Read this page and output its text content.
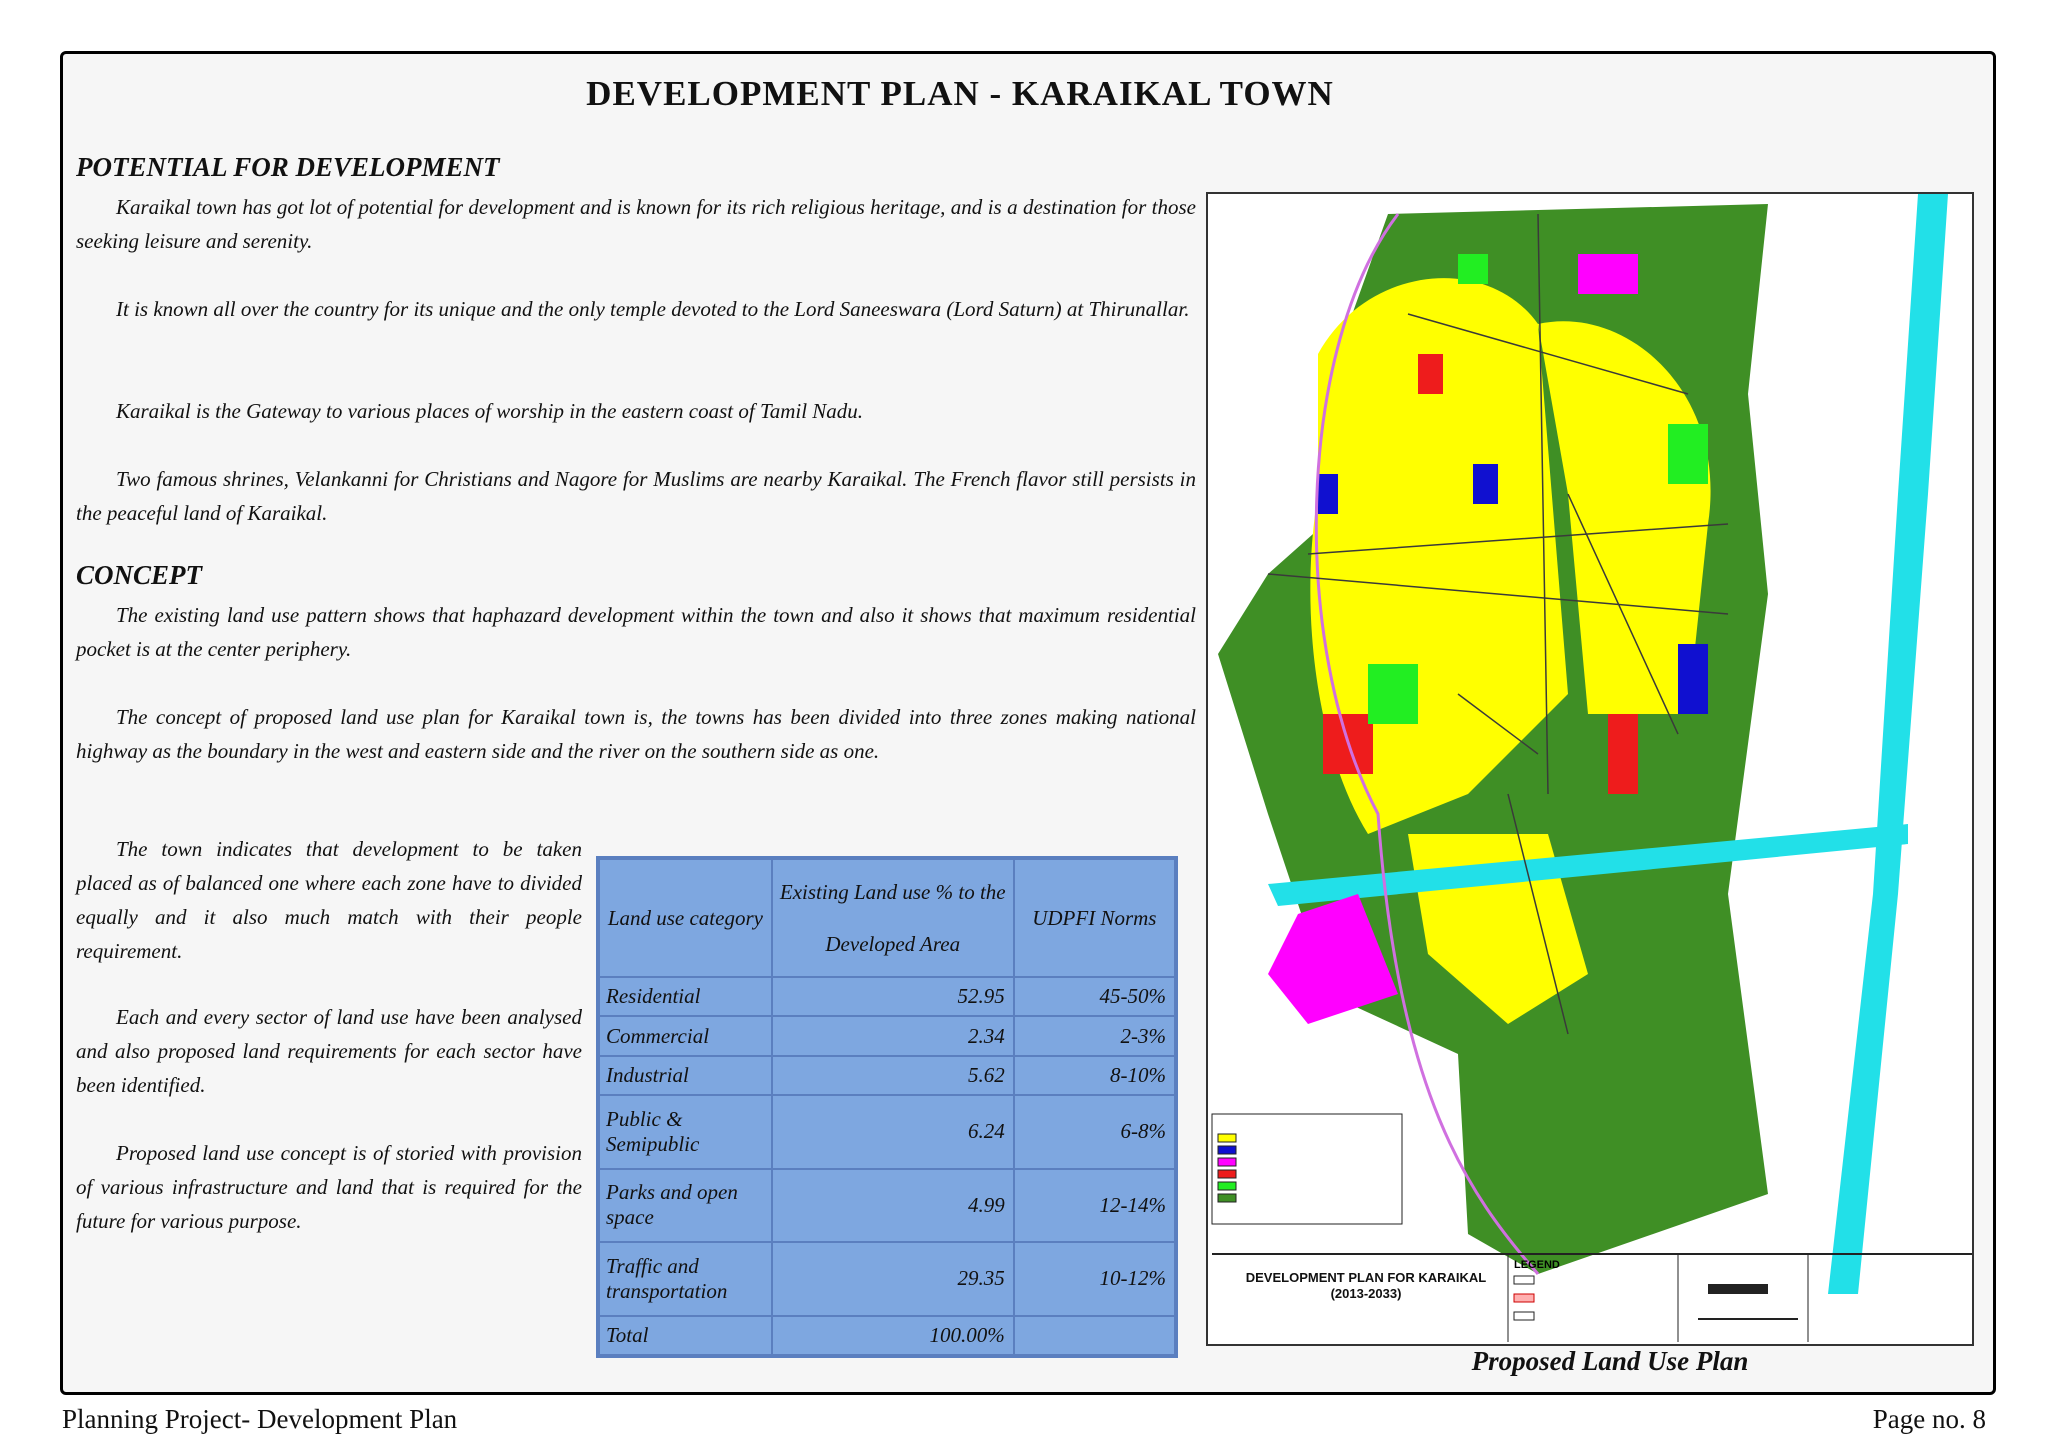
DEVELOPMENT PLAN - KARAIKAL TOWN
POTENTIAL FOR DEVELOPMENT
Karaikal town has got lot of potential for development and is known for its rich religious heritage, and is a destination for those seeking leisure and serenity.
It is known all over the country for its unique and the only temple devoted to the Lord Saneeswara (Lord Saturn) at Thirunallar.
Karaikal is the Gateway to various places of worship in the eastern coast of Tamil Nadu.
Two famous shrines, Velankanni for Christians and Nagore for Muslims are nearby Karaikal. The French flavor still persists in the peaceful land of Karaikal.
CONCEPT
The existing land use pattern shows that haphazard development within the town and also it shows that maximum residential pocket is at the center periphery.
The concept of proposed land use plan for Karaikal town is, the towns has been divided into three zones making national highway as the boundary in the west and eastern side and the river on the southern side as one.
The town indicates that development to be taken placed as of balanced one where each zone have to divided equally and it also much match with their people requirement.
Each and every sector of land use have been analysed and also proposed land requirements for each sector have been identified.
Proposed land use concept is of storied with provision of various infrastructure and land that is required for the future for various purpose.
Land use category	Existing Land use % to the Developed Area	UDPFI Norms
Residential	52.95	45-50%
Commercial	2.34	2-3%
Industrial	5.62	8-10%
Public & Semipublic	6.24	6-8%
Parks and open space	4.99	12-14%
Traffic and transportation	29.35	10-12%
Total	100.00%	
LEGEND
DEVELOPMENT PLAN FOR KARAIKAL
(2013-2033)
Proposed Land Use Plan
Planning Project- Development Plan	Page no. 8
